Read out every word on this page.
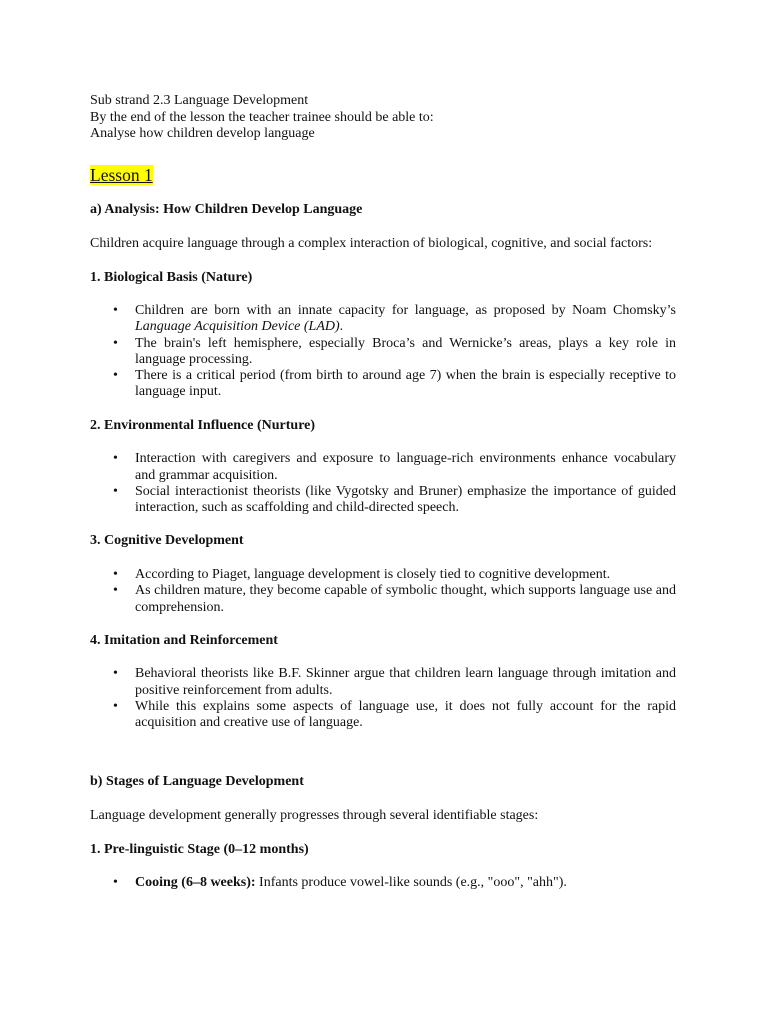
Sub strand 2.3 Language Development

By the end of the lesson the teacher trainee should be able to:

Analyse how children develop language

Lesson 1
a) Analysis: How Children Develop Language

Children acquire language through a complex interaction of biological, cognitive, and social factors:

1. Biological Basis (Nature)
• Children are born with an innate capacity for language, as proposed by Noam Chomsky’s Language Acquisition Device (LAD).
• The brain's left hemisphere, especially Broca’s and Wernicke’s areas, plays a key role in language processing.
• There is a critical period (from birth to around age 7) when the brain is especially receptive to language input.
2. Environmental Influence (Nurture)
• Interaction with caregivers and exposure to language-rich environments enhance vocabulary and grammar acquisition.
• Social interactionist theorists (like Vygotsky and Bruner) emphasize the importance of guided interaction, such as scaffolding and child-directed speech.
3. Cognitive Development
• According to Piaget, language development is closely tied to cognitive development.
• As children mature, they become capable of symbolic thought, which supports language use and comprehension.
4. Imitation and Reinforcement
• Behavioral theorists like B.F. Skinner argue that children learn language through imitation and positive reinforcement from adults.
• While this explains some aspects of language use, it does not fully account for the rapid acquisition and creative use of language.
b) Stages of Language Development

Language development generally progresses through several identifiable stages:

1. Pre-linguistic Stage (0–12 months)
• Cooing (6–8 weeks): Infants produce vowel-like sounds (e.g., "ooo", "ahh").
